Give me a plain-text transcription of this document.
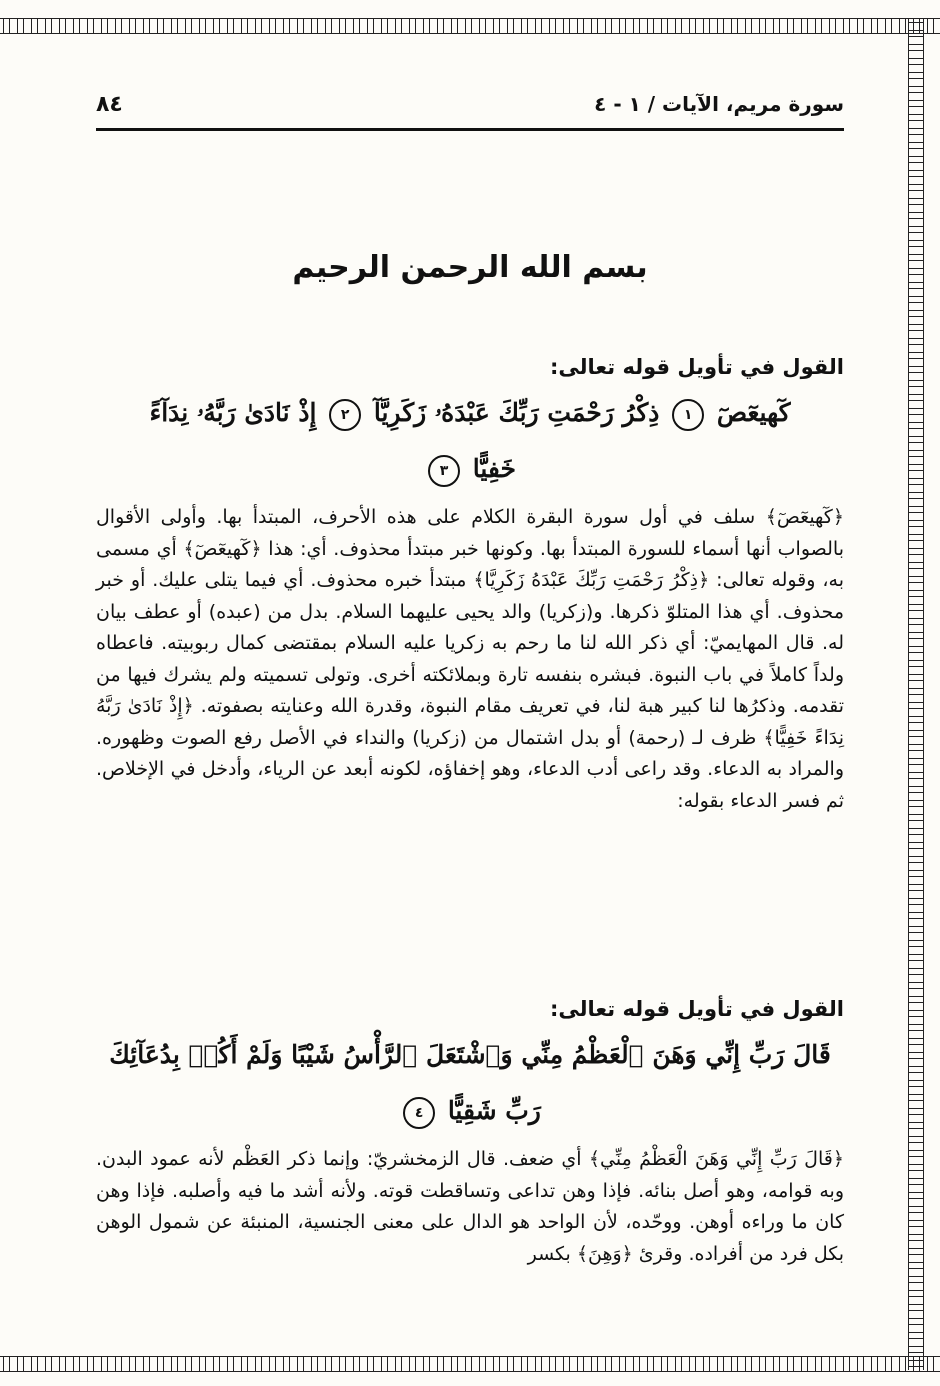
٨٤	سورة مريم، الآيات / ١ - ٤
بسم الله الرحمن الرحيم

القول في تأويل قوله تعالى:

كٓهيعٓصٓ ١ ذِكْرُ رَحْمَتِ رَبِّكَ عَبْدَهُۥ زَكَرِيَّآ ٢ إِذْ نَادَىٰ رَبَّهُۥ نِدَآءً
خَفِيًّا ٣

﴿كٓهيعٓصٓ﴾ سلف في أول سورة البقرة الكلام على هذه الأحرف، المبتدأ بها. وأولى الأقوال بالصواب أنها أسماء للسورة المبتدأ بها. وكونها خبر مبتدأ محذوف. أي: هذا ﴿كٓهيعٓصٓ﴾ أي مسمى به، وقوله تعالى: ﴿ذِكْرُ رَحْمَتِ رَبِّكَ عَبْدَهُ زَكَرِيَّا﴾ مبتدأ خبره محذوف. أي فيما يتلى عليك. أو خبر محذوف. أي هذا المتلوّ ذكرها. و(زكريا) والد يحيى عليهما السلام. بدل من (عبده) أو عطف بيان له. قال المهايميّ: أي ذكر الله لنا ما رحم به زكريا عليه السلام بمقتضى كمال ربوبيته. فاعطاه ولداً كاملاً في باب النبوة. فبشره بنفسه تارة وبملائكته أخرى. وتولى تسميته ولم يشرك فيها من تقدمه. وذكرُها لنا كبير هبة لنا، في تعريف مقام النبوة، وقدرة الله وعنايته بصفوته. ﴿إِذْ نَادَىٰ رَبَّهُ نِدَاءً خَفِيًّا﴾ ظرف لـ (رحمة) أو بدل اشتمال من (زكريا) والنداء في الأصل رفع الصوت وظهوره. والمراد به الدعاء. وقد راعى أدب الدعاء، وهو إخفاؤه، لكونه أبعد عن الرياء، وأدخل في الإخلاص. ثم فسر الدعاء بقوله:

القول في تأويل قوله تعالى:

قَالَ رَبِّ إِنِّي وَهَنَ ٱلْعَظْمُ مِنِّي وَٱشْتَعَلَ ٱلرَّأْسُ شَيْبًا وَلَمْ أَكُنۢ بِدُعَآئِكَ
رَبِّ شَقِيًّا ٤

﴿قَالَ رَبِّ إِنِّي وَهَنَ الْعَظْمُ مِنِّي﴾ أي ضعف. قال الزمخشريّ: وإنما ذكر العَظْم لأنه عمود البدن. وبه قوامه، وهو أصل بنائه. فإذا وهن تداعى وتساقطت قوته. ولأنه أشد ما فيه وأصلبه. فإذا وهن كان ما وراءه أوهن. ووحّده، لأن الواحد هو الدال على معنى الجنسية، المنبئة عن شمول الوهن بكل فرد من أفراده. وقرئ ﴿وَهِنَ﴾ بكسر
